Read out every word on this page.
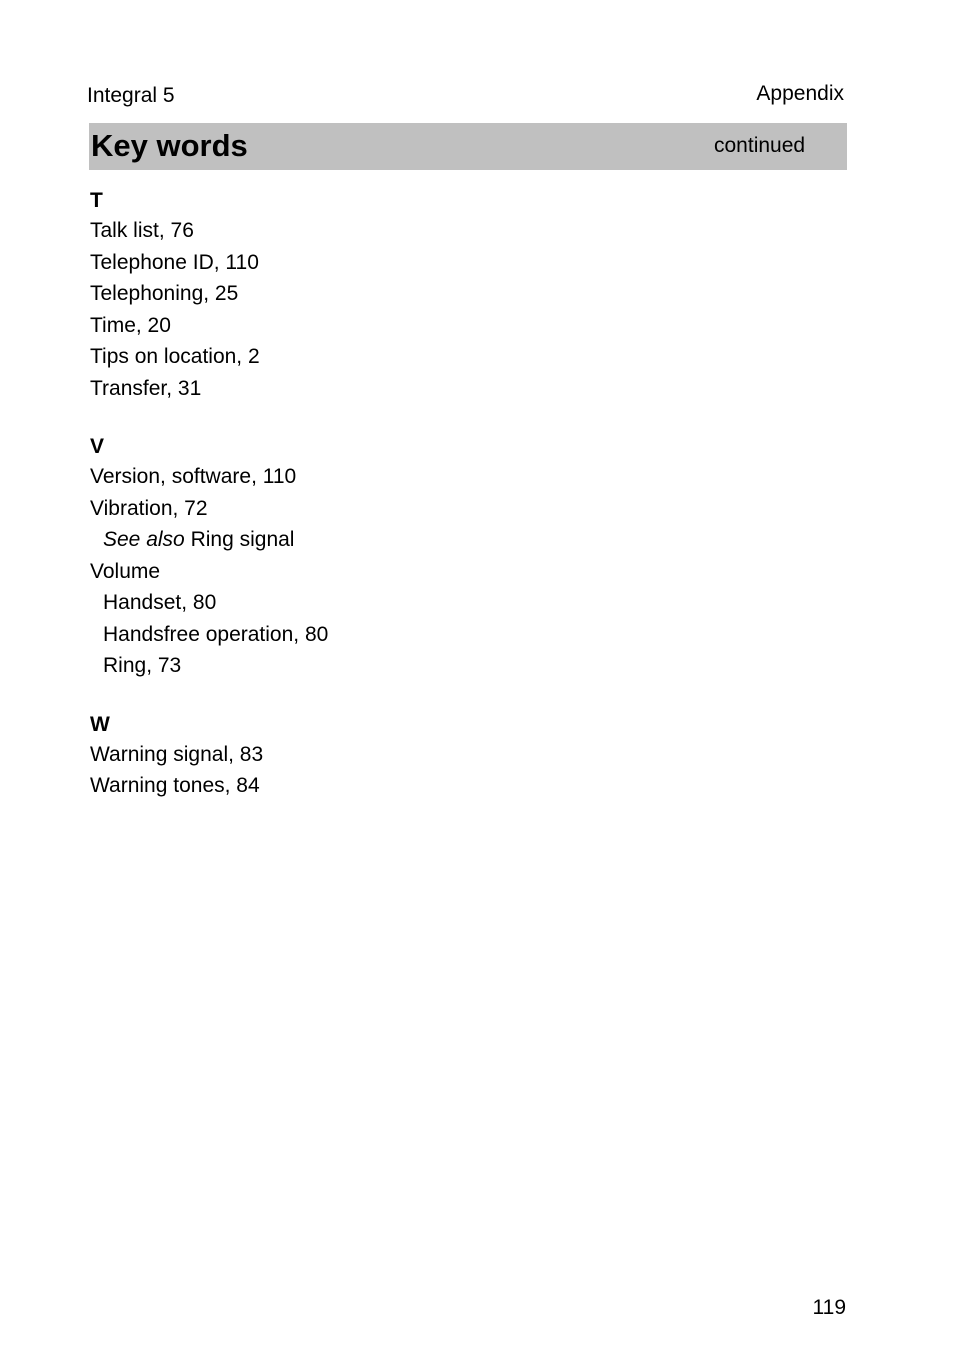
Integral 5	Appendix
Key words	continued
T
Talk list, 76
Telephone ID, 110
Telephoning, 25
Time, 20
Tips on location, 2
Transfer, 31
V
Version, software, 110
Vibration, 72
See also Ring signal
Volume
Handset, 80
Handsfree operation, 80
Ring, 73
W
Warning signal, 83
Warning tones, 84
119
